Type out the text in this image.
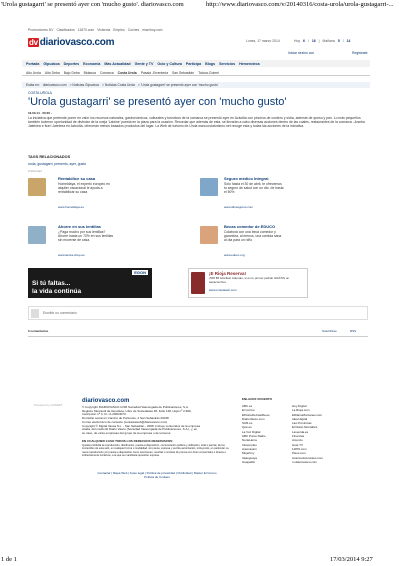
'Urola gustagarri' se presentó ayer con 'mucho gusto'. diariovasco.com	http://www.diariovasco.com/v/20140316/costa-urola/urola-gustagarri-...
Promociones DV Clasificados 11870.com Vivienda Empleo Coches miarrhoy.com
Lunes, 17 marzo 2014	Hoy 6 / 16 | Mañana 5 / 14
dv diariovasco.com
Iniciar sesión con	Registrate
Portada Gipuzkoa Deportes Economía Más Actualidad Gente y TV Ocio y Cultura Participa Blogs Servicios Hemeroteca
Alto Urola Alto Deba Bajo Deba Bidasoa Comarca Costa Urola Pasaia -Errenteria San Sebastián Tolosa-Goierri
Estás en: diariovasco.com > Noticias Gipuzkoa > Noticias Costa Urola > 'Urola gustagarri' se presentó ayer con 'mucho gusto'
COSTA UROLA
'Urola gustagarri' se presentó ayer con 'mucho gusto'
16.03.14 - 00:00 -
La iniciativa que pretende poner en valor los recursos naturales, gastronómicos, culturales y turísticos de la comarca se presentó ayer en Azkoitia con pinchos de cordero y sidra, además de queso y pan. Lo más pequeños también tuvieron oportunidad de disfrutar de la oveja 'Latxine' puesta en la plaza para la ocasión. Recordar que además de esta, se llevarán a cabo diversas acciones dentro de las cuales, restaurantes de la comarca -Joseba Jatetxea e Iturri Jatetxea en Azkoitia- ofrecerán menús basados productos del lugar. La Web de turismo de Urola www.urolaturismo.net recoge esta y todas las acciones de la iniciativa.
TAGS RELACIONADOS
urola, gustagarri, presento, ayer, gusto
Publicidad
Rentabilice su casa
Homeldaya, el experto europeo en alquiler vacacional le ayuda a rentabilizar su casa
www.homeldaya.es
Seguro médico Integral
Sólo hasta el 30 de abril, te ofrecemos tu seguro de salud con un dto. de hasta el 50%
www.dkvseguros.com
Ahorre en sus lentillas
¿Paga mucho por sus lentillas? Ahorre hasta un 70% en sus lentillas sin moverse de casa.
www.lentes-shop.es
Becas comedor de EDUCO
Colabora con una beca comedor y garantiza, al menos, una comida sana al día para un niño
www.educo.org
EGON
Si tú faltas...
la vida continúa
¡E Rioja Reserva!
¡500 €€ botellas! Además, si es tu primer pedido GRATIS un sacacorchos
www.errioiaweb.com
Escribir un comentario
0 comentarios	Suscribirse	RSS
Powered by GAMMIT
diariovasco.com
© Copyright DIARIOVASCO.COM Sociedad Vascongada de Publicaciones, S.A.
Registro Mercantil de Gipuzkoa, Libro de Sociedades 48, Folio 118, Hoja nº 2.999,
Inscripción 1ª C.I.F.: A-20004073.
Domicilio social en Camino de Portuetxe, 2 San Sebastián 20018
Correo electrónico de contacto (contactaweb@diariovasco.com)
Copyright © Digital Vasca S.L. - San Sebastián - 2008. Incluye contenidos de la empresa
citada, del medio El Diario Vasco (Sociedad Vascongada de Publicaciones, S.A.), y, en
su caso, de otras empresas del grupo de la empresa o de terceros.
EN CUALQUIER CASO TODOS LOS DERECHOS RESERVADOS:
Queda prohibida la reproducción, distribución, puesta a disposición, comunicación pública y utilización, total o parcial, de los contenidos de esta web, en cualquier forma o modalidad, sin previa, expresa y escrita autorización, incluyendo, en particular, su mera reproducción y/o puesta a disposición como resúmenes, reseñas o revistas de prensa con fines comerciales o directa o indirectamente lucrativos, a la que se manifiesta oposición expresa.
Contactar | Mapa Web | Aviso legal | Política de privacidad | Publicidad | Master El Correo
Política de Cookies
ENLACES VOCENTO
ABC.es
El Correo
ElNorteDeCastilla.es
DiarioVasco.com
SUR.es
Qué.es
La Voz Digital
ABC Punto Radio
NorteHerra
Infoempleo
Autocasion
Mujerhoy
Vadeguaya
Guapabbi
Hoy Digital
La Rioja.com
ElDiarioMontanes.com
Ideal digital
Las Provincias
El Diario Montañés
Lavenida.es
Finanzas
Anuncio
Guia TV
11870.com
Pisos.com
Avancusticurantes.com
m.diariovasco.com
1 de 1	17/03/2014 9:27
